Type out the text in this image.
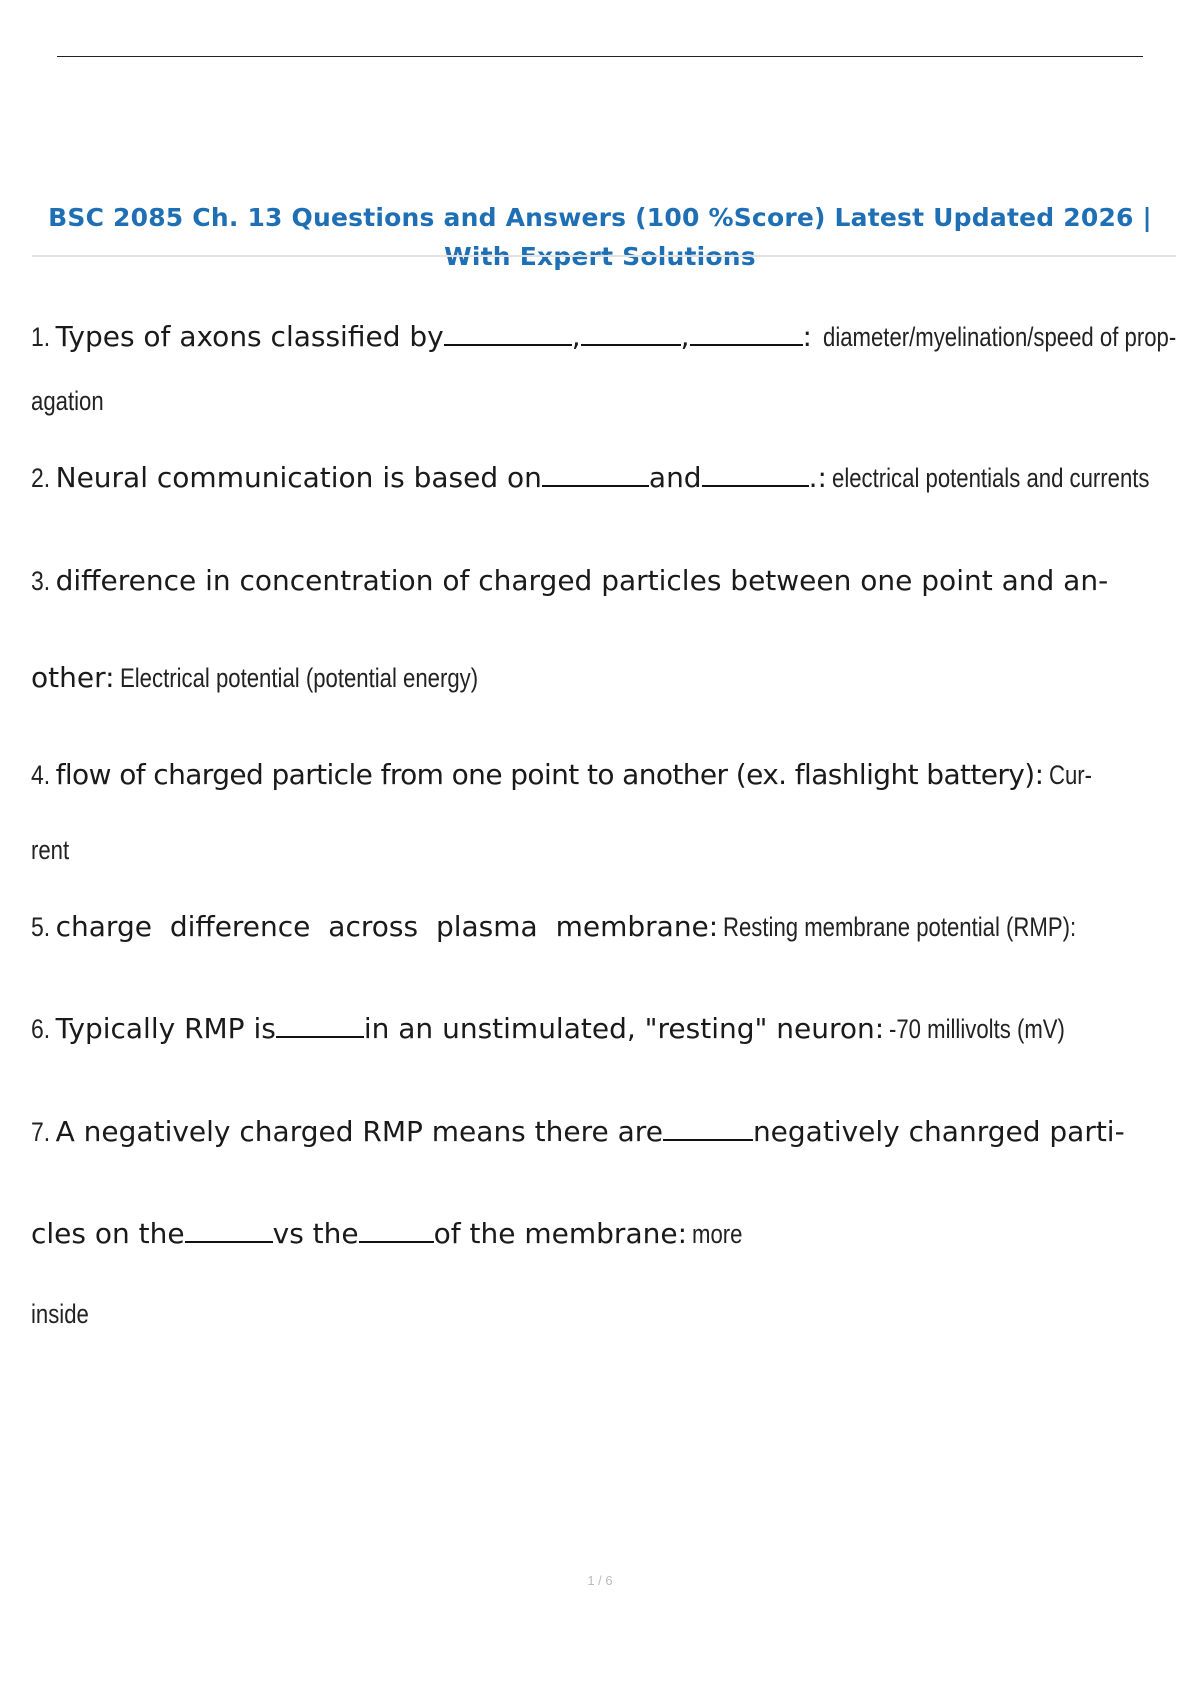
BSC 2085 Ch. 13 Questions and Answers (100 %Score) Latest Updated 2026 |
With Expert Solutions
1. Types of axons classified by	,	,	: diameter/myelination/speed of prop-
agation
2. Neural communication is based on	and	.: electrical potentials and currents
3. difference in concentration of charged particles between one point and an-
other: Electrical potential (potential energy)
4. flow of charged particle from one point to another (ex. flashlight battery): Cur-
rent
5. charge difference across plasma membrane: Resting membrane potential (RMP):
6. Typically RMP is	in an unstimulated, "resting" neuron: -70 millivolts (mV)
7. A negatively charged RMP means there are	negatively chanrged parti-
cles on the	vs the	of the membrane: more
inside
1 / 6
